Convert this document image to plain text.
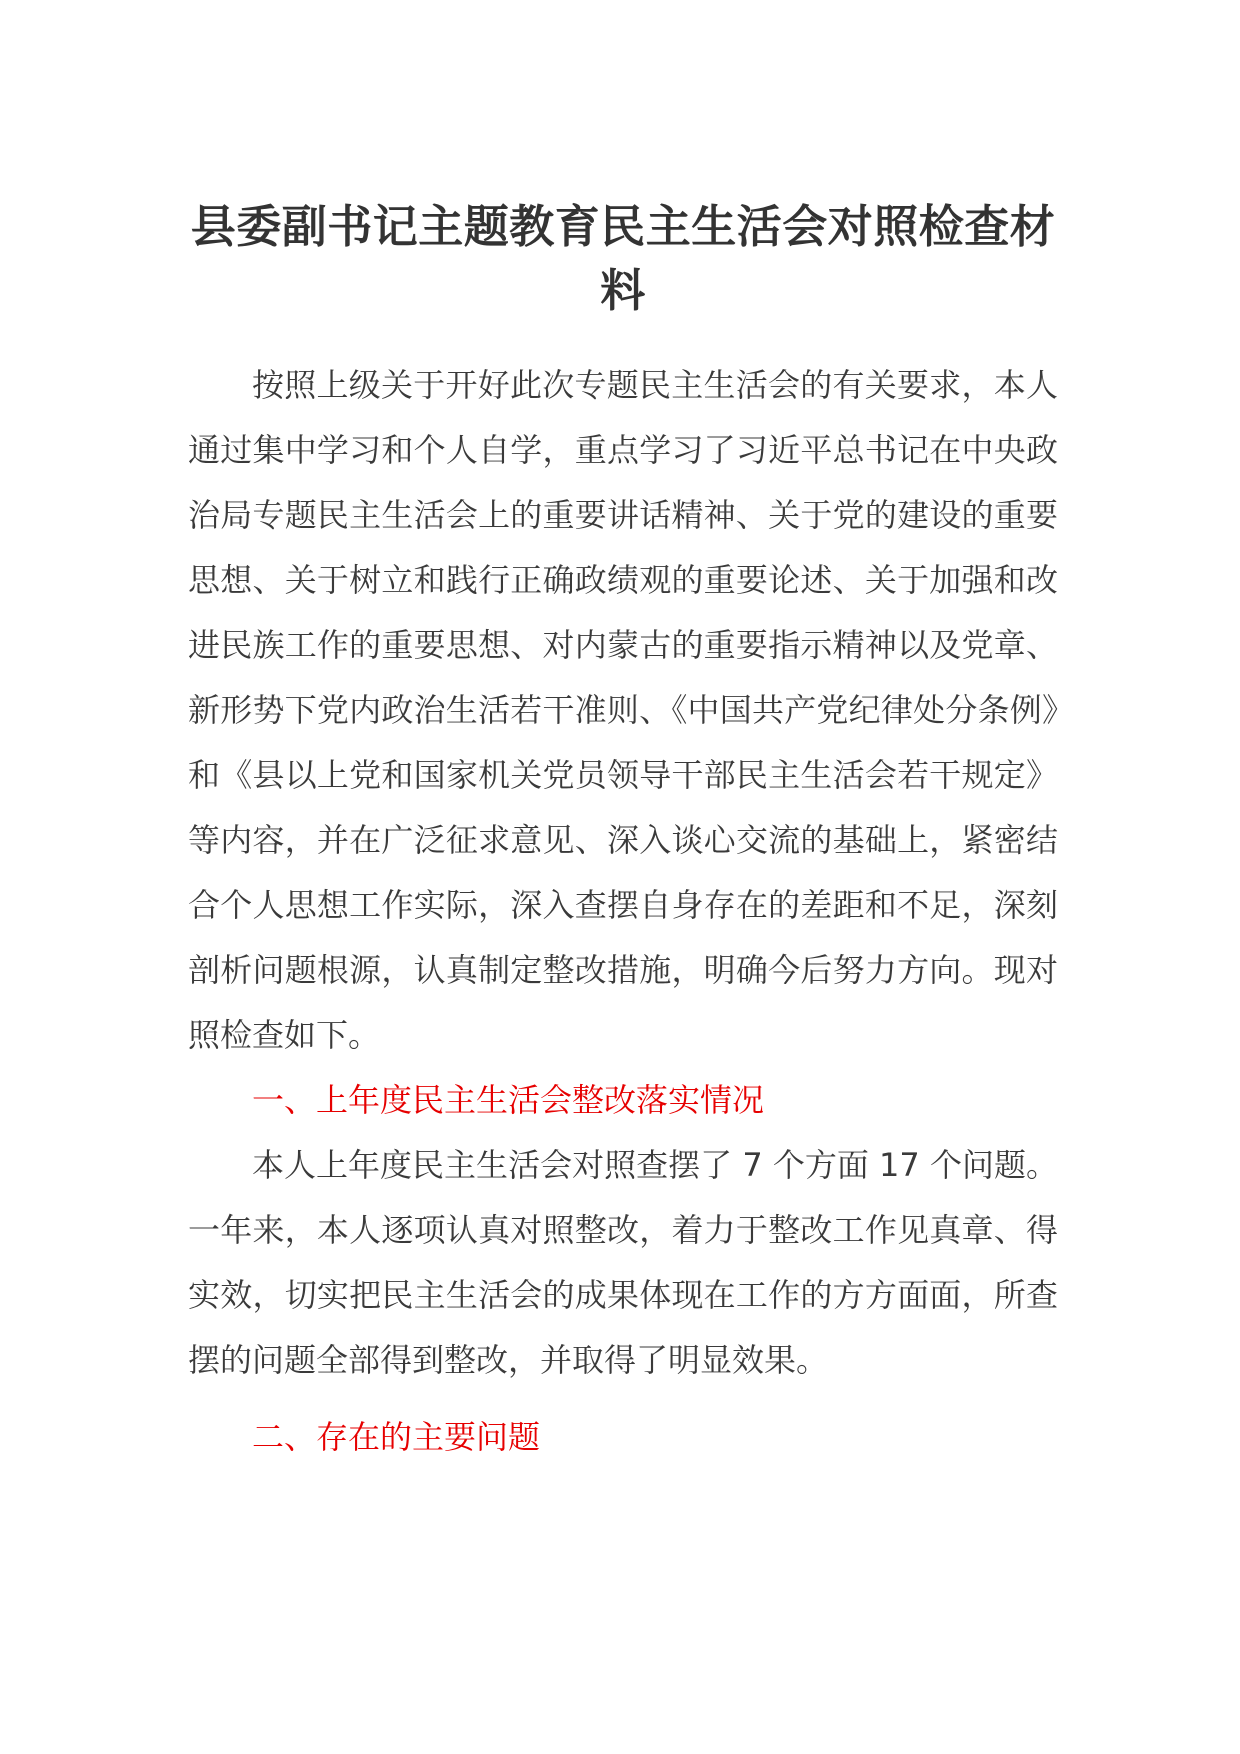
县委副书记主题教育民主生活会对照检查材料

按照上级关于开好此次专题民主生活会的有关要求，本人通过集中学习和个人自学，重点学习了习近平总书记在中央政治局专题民主生活会上的重要讲话精神、关于党的建设的重要思想、关于树立和践行正确政绩观的重要论述、关于加强和改进民族工作的重要思想、对内蒙古的重要指示精神以及党章、新形势下党内政治生活若干准则、《中国共产党纪律处分条例》和《县以上党和国家机关党员领导干部民主生活会若干规定》等内容，并在广泛征求意见、深入谈心交流的基础上，紧密结合个人思想工作实际，深入查摆自身存在的差距和不足，深刻剖析问题根源，认真制定整改措施，明确今后努力方向。现对照检查如下。

一、上年度民主生活会整改落实情况

本人上年度民主生活会对照查摆了 7 个方面 17 个问题。一年来，本人逐项认真对照整改，着力于整改工作见真章、得实效，切实把民主生活会的成果体现在工作的方方面面，所查摆的问题全部得到整改，并取得了明显效果。

二、存在的主要问题
